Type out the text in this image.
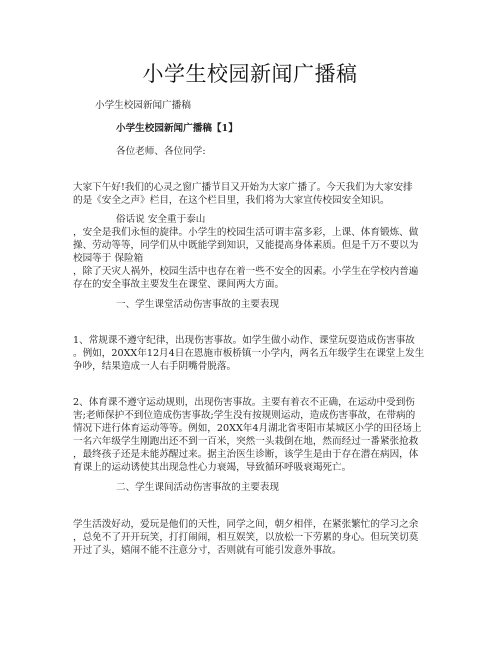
小学生校园新闻广播稿
小学生校园新闻广播稿
小学生校园新闻广播稿【1】
各位老师、各位同学:
大家下午好!我们的心灵之窗广播节目又开始为大家广播了。今天我们为大家安排
的是《安全之声》栏目，在这个栏目里，我们将为大家宣传校园安全知识。
俗话说 安全重于泰山
，安全是我们永恒的旋律。小学生的校园生活可谓丰富多彩，上课、体育锻炼、做
操、劳动等等，同学们从中既能学到知识，又能提高身体素质。但是千万不要以为
校园等于 保险箱
，除了天灾人祸外，校园生活中也存在着一些不安全的因素。小学生在学校内普遍
存在的安全事故主要发生在课堂、课间两大方面。
一、学生课堂活动伤害事故的主要表现
1、常规课不遵守纪律，出现伤害事故。如学生做小动作、课堂玩耍造成伤害事故
。例如，20XX年12月4日在恩施市板桥镇一小学内，两名五年级学生在课堂上发生
争吵，结果造成一人右手阴嘴骨脱落。
2、体育课不遵守运动规则，出现伤害事故。主要有着衣不正确，在运动中受到伤
害;老师保护不到位造成伤害事故;学生没有按规则运动，造成伤害事故，在带病的
情况下进行体育运动等等。例如，20XX年4月湖北省枣阳市某城区小学的田径场上
一名六年级学生刚跑出还不到一百米，突然一头栽倒在地，然而经过一番紧张抢救
，最终孩子还是未能苏醒过来。据主治医生诊断，该学生是由于存在潜在病因，体
育课上的运动诱使其出现急性心力衰竭，导致循环呼吸衰竭死亡。
二、学生课间活动伤害事故的主要表现
学生活泼好动，爱玩是他们的天性，同学之间，朝夕相伴，在紧张繁忙的学习之余
，总免不了开开玩笑，打打闹闹，相互娱笑，以放松一下劳累的身心。但玩笑切莫
开过了头，嬉闹不能不注意分寸，否则就有可能引发意外事故。
